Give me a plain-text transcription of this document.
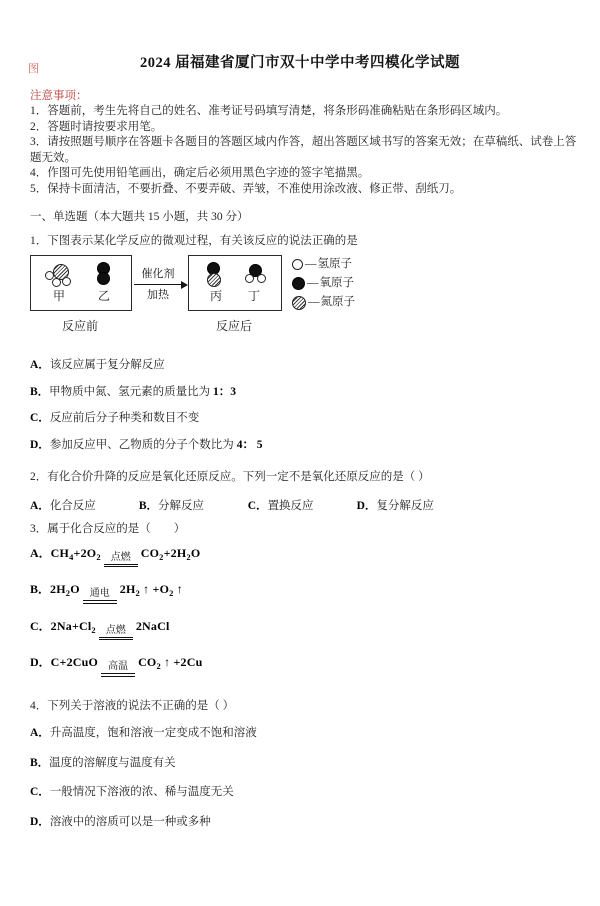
图	2024 届福建省厦门市双十中学中考四模化学试题
注意事项：
1．答题前，考生先将自己的姓名、准考证号码填写清楚，将条形码准确粘贴在条形码区域内。
2．答题时请按要求用笔。
3．请按照题号顺序在答题卡各题目的答题区域内作答，超出答题区域书写的答案无效；在草稿纸、试卷上答题无效。
4．作图可先使用铅笔画出，确定后必须用黑色字迹的签字笔描黑。
5．保持卡面清洁，不要折叠、不要弄破、弄皱，不准使用涂改液、修正带、刮纸刀。
一、单选题（本大题共 15 小题，共 30 分）
1．下图表示某化学反应的微观过程，有关该反应的说法正确的是
甲	乙
催化剂
加热	丙	丁
反应前	反应后
— 氢原子
— 氧原子
— 氮原子
A．该反应属于复分解反应
B．甲物质中氮、氢元素的质量比为 1：3
C．反应前后分子种类和数目不变
D．参加反应甲、乙物质的分子个数比为 4： 5
2．有化合价升降的反应是氧化还原反应。下列一定不是氧化还原反应的是（ ）
A．化合反应	B．分解反应	C．置换反应	D．复分解反应
3．属于化合反应的是（　　）
A．$CH_4+2O_2$	点燃 $CO_2+2H_2O$
B．$2H_2O$	通电 $2H_2$ ↑ $+O_2$ ↑
C．$2Na+Cl_2$	点燃 2NaCl
D．C+2CuO	高温 $CO_2$ ↑ +2Cu
4．下列关于溶液的说法不正确的是（ ）
A．升高温度，饱和溶液一定变成不饱和溶液
B．温度的溶解度与温度有关
C．一般情况下溶液的浓、稀与温度无关
D．溶液中的溶质可以是一种或多种
